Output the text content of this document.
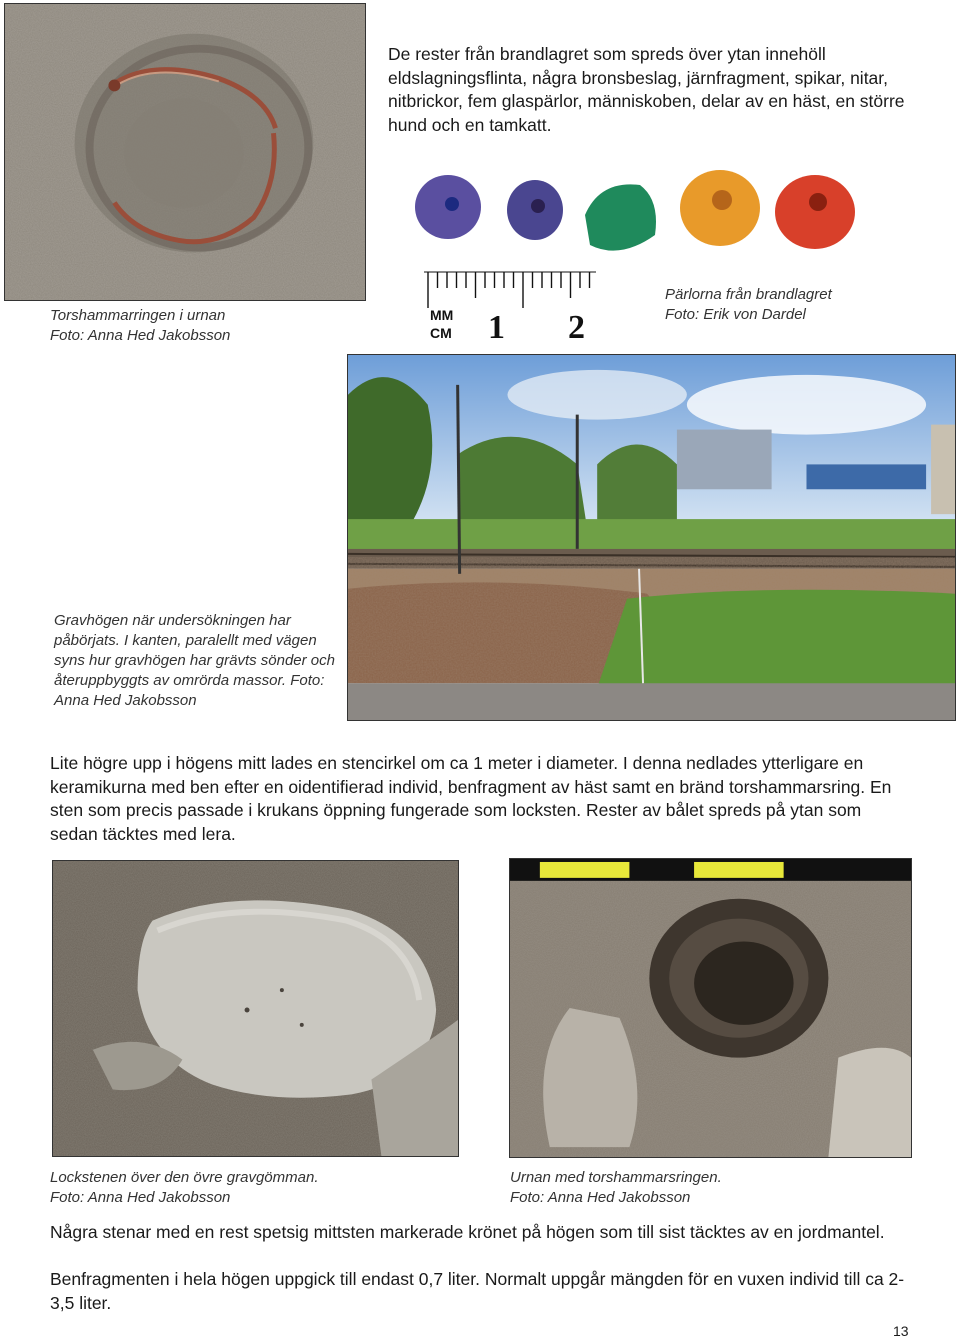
Torshammarringen i urnan
Foto: Anna Hed Jakobsson
De rester från brandlagret som spreds över ytan innehöll eldslagningsflinta, några bronsbeslag, järnfragment, spikar, nitar, nitbrickor, fem glaspärlor, människoben, delar av en häst, en större hund och en tamkatt.
MM
CM 1 2
Pärlorna från brandlagret
Foto: Erik von Dardel
Gravhögen när undersökningen har påbörjats. I kanten, paralellt med vägen syns hur gravhögen har grävts sönder och återuppbyggts av omrörda massor. Foto: Anna Hed Jakobsson
Lite högre upp i högens mitt lades en stencirkel om ca 1 meter i diameter. I denna nedlades ytterligare en keramikurna med ben efter en oidentifierad individ, benfragment av häst samt en bränd torshammarsring. En sten som precis passade i krukans öppning fungerade som locksten. Rester av bålet spreds på ytan som sedan täcktes med lera.
Lockstenen över den övre gravgömman.
Foto: Anna Hed Jakobsson
Urnan med torshammarsringen.
Foto: Anna Hed Jakobsson
Några stenar med en rest spetsig mittsten markerade krönet på högen som till sist täcktes av en jordmantel.
Benfragmenten i hela högen uppgick till endast 0,7 liter. Normalt uppgår mängden för en vuxen individ till ca 2-3,5 liter.
13
